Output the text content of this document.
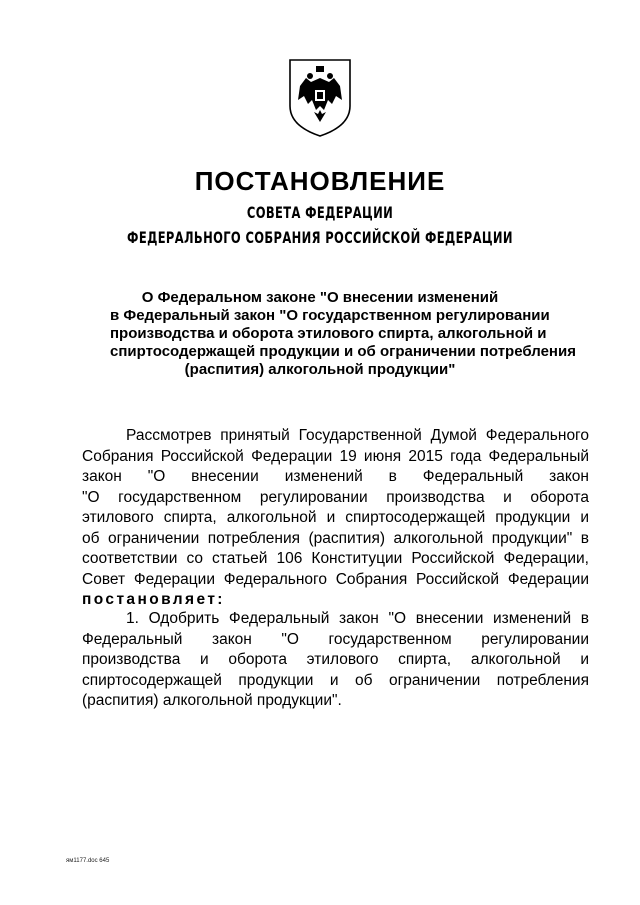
ПОСТАНОВЛЕНИЕ
СОВЕТА ФЕДЕРАЦИИ
ФЕДЕРАЛЬНОГО СОБРАНИЯ РОССИЙСКОЙ ФЕДЕРАЦИИ
О Федеральном законе "О внесении изменений
в Федеральный закон "О государственном регулировании
производства и оборота этилового спирта, алкогольной и
спиртосодержащей продукции и об ограничении потребления
(распития) алкогольной продукции"
Рассмотрев принятый Государственной Думой Федерального
Собрания Российской Федерации 19 июня 2015 года Федеральный
закон "О внесении изменений в Федеральный закон
"О государственном регулировании производства и оборота
этилового спирта, алкогольной и спиртосодержащей продукции и
об ограничении потребления (распития) алкогольной продукции" в
соответствии со статьей 106 Конституции Российской Федерации,
Совет Федерации Федерального Собрания Российской Федерации
постановляет:
1. Одобрить Федеральный закон "О внесении изменений в
Федеральный закон "О государственном регулировании
производства и оборота этилового спирта, алкогольной и
спиртосодержащей продукции и об ограничении потребления
(распития) алкогольной продукции".
ям1177.doc 645
